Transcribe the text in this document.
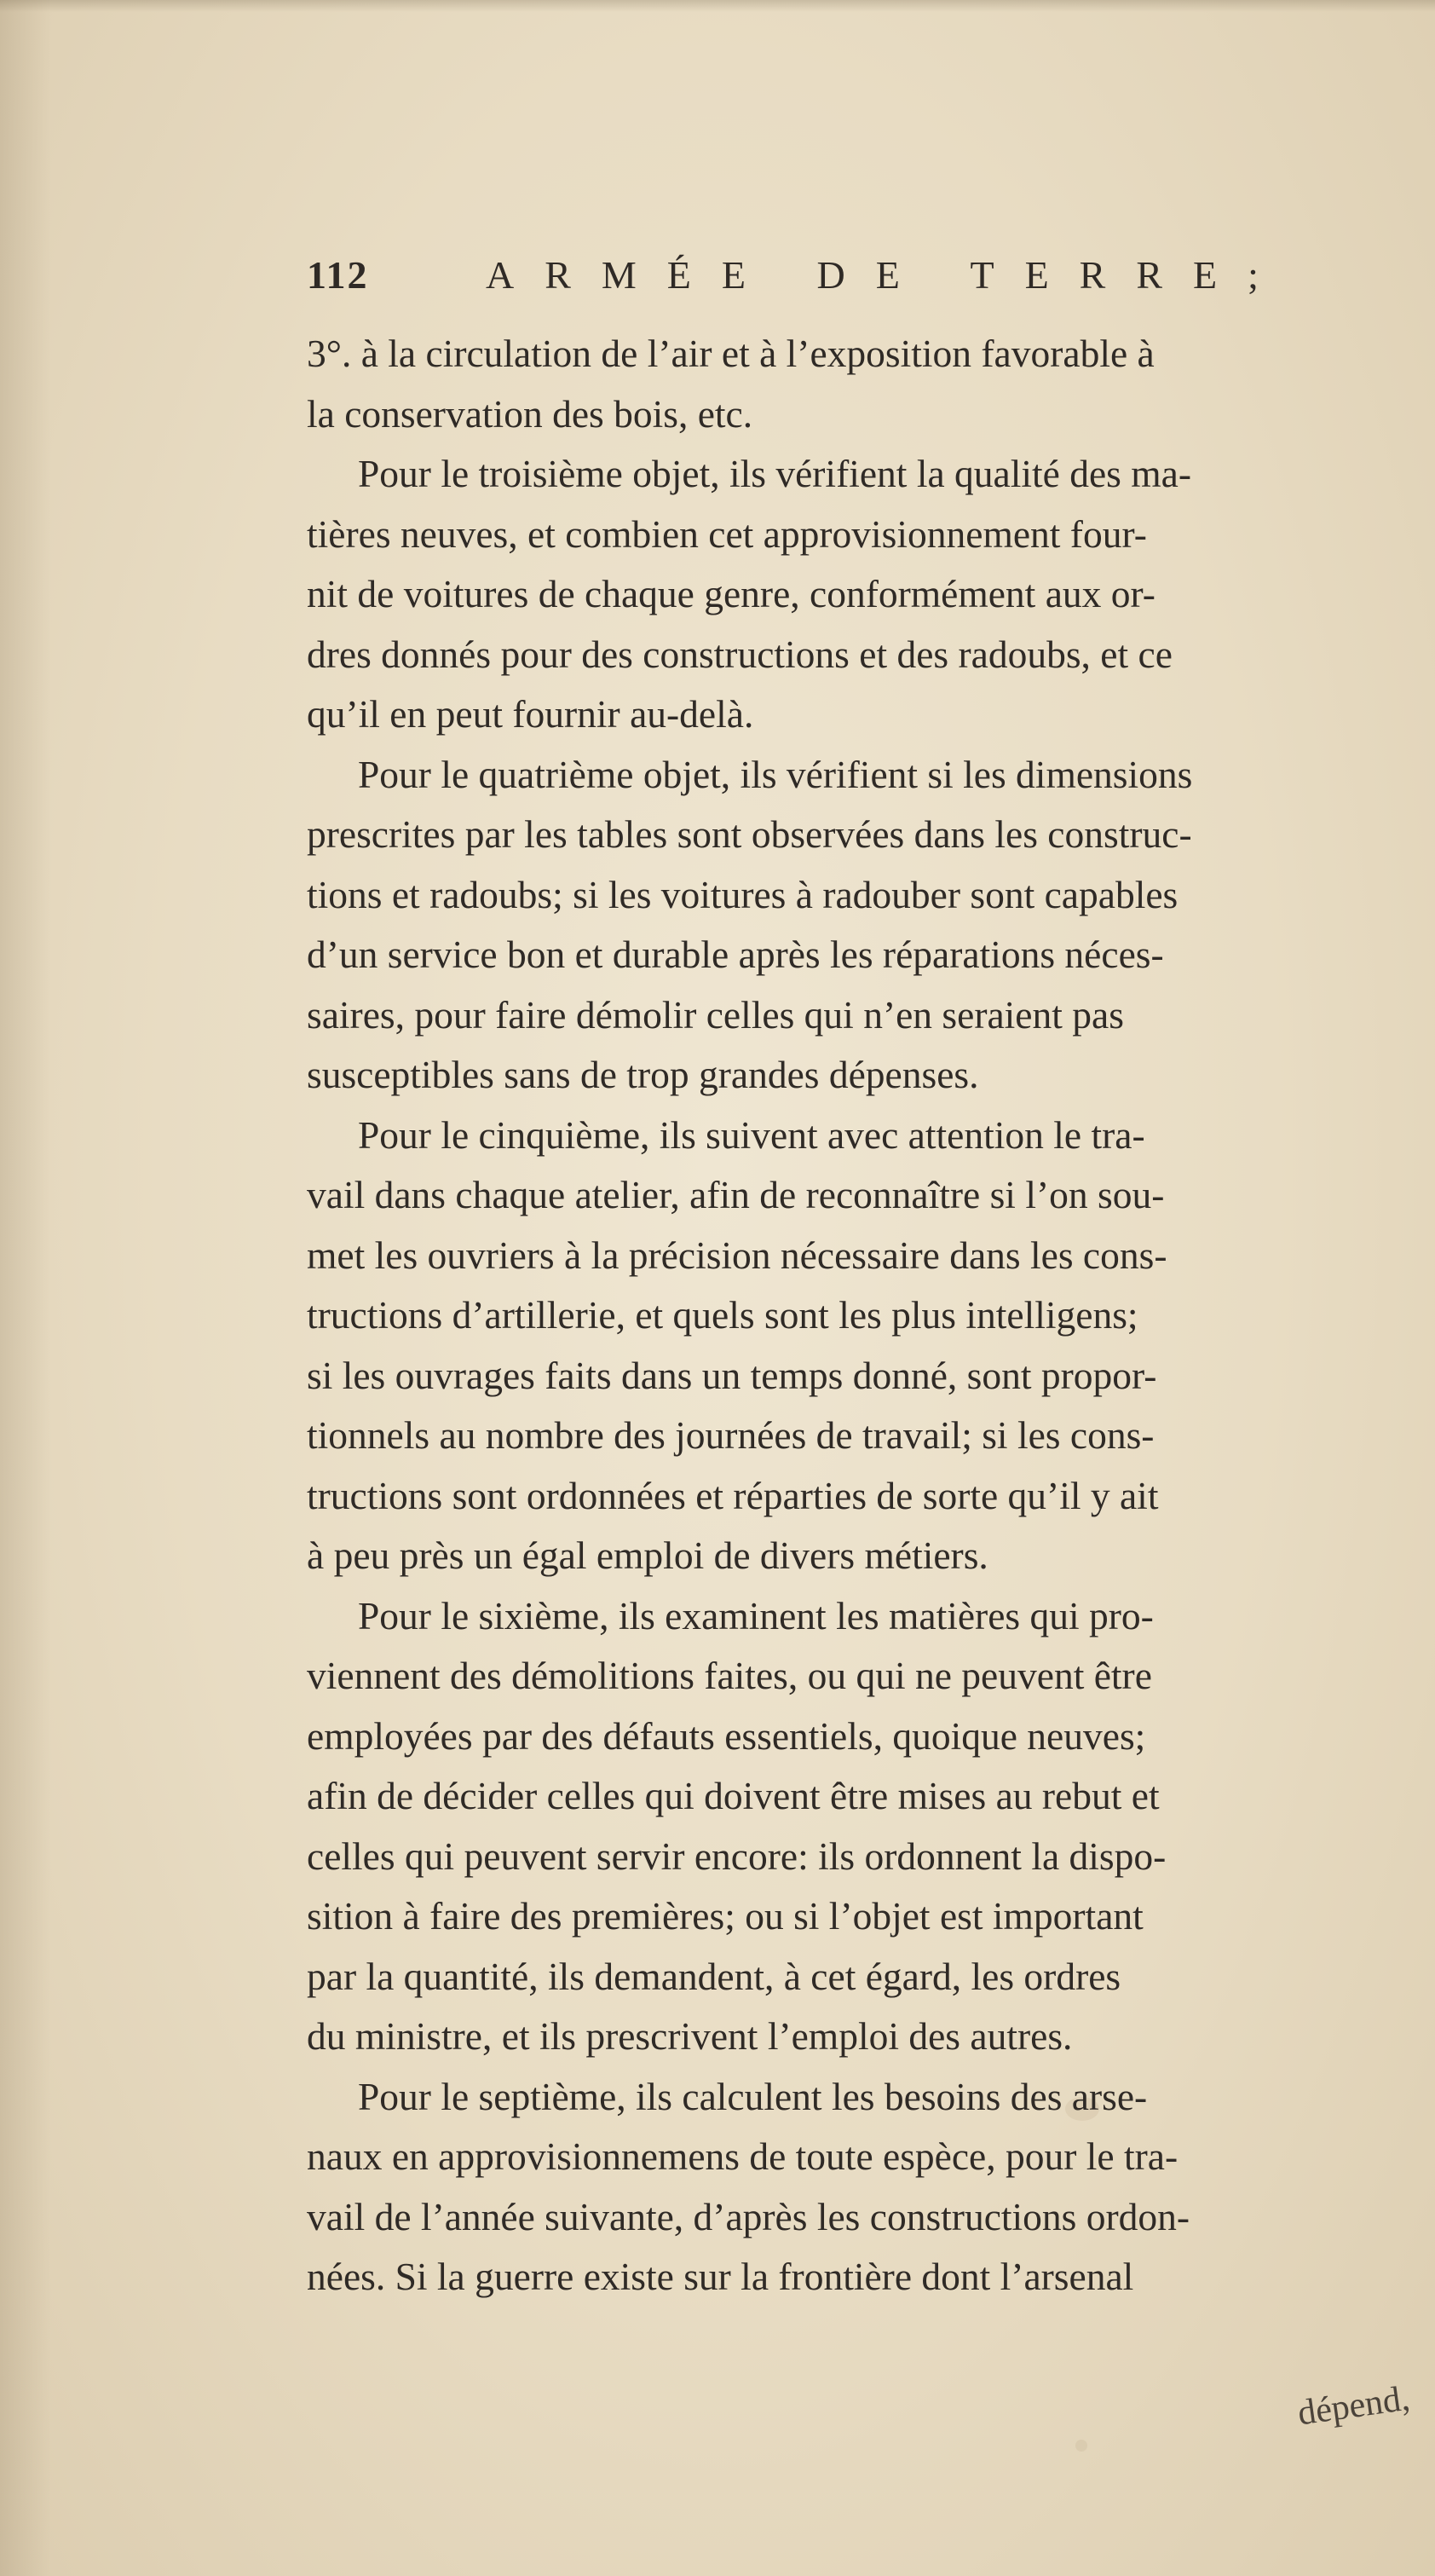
112	ARMÉE DE TERRE;
3°. à la circulation de l’air et à l’exposition favorable à
la conservation des bois, etc.
Pour le troisième objet, ils vérifient la qualité des ma-
tières neuves, et combien cet approvisionnement four-
nit de voitures de chaque genre, conformément aux or-
dres donnés pour des constructions et des radoubs, et ce
qu’il en peut fournir au-delà.
Pour le quatrième objet, ils vérifient si les dimensions
prescrites par les tables sont observées dans les construc-
tions et radoubs; si les voitures à radouber sont capables
d’un service bon et durable après les réparations néces-
saires, pour faire démolir celles qui n’en seraient pas
susceptibles sans de trop grandes dépenses.
Pour le cinquième, ils suivent avec attention le tra-
vail dans chaque atelier, afin de reconnaître si l’on sou-
met les ouvriers à la précision nécessaire dans les cons-
tructions d’artillerie, et quels sont les plus intelligens;
si les ouvrages faits dans un temps donné, sont propor-
tionnels au nombre des journées de travail; si les cons-
tructions sont ordonnées et réparties de sorte qu’il y ait
à peu près un égal emploi de divers métiers.
Pour le sixième, ils examinent les matières qui pro-
viennent des démolitions faites, ou qui ne peuvent être
employées par des défauts essentiels, quoique neuves;
afin de décider celles qui doivent être mises au rebut et
celles qui peuvent servir encore: ils ordonnent la dispo-
sition à faire des premières; ou si l’objet est important
par la quantité, ils demandent, à cet égard, les ordres
du ministre, et ils prescrivent l’emploi des autres.
Pour le septième, ils calculent les besoins des arse-
naux en approvisionnemens de toute espèce, pour le tra-
vail de l’année suivante, d’après les constructions ordon-
nées. Si la guerre existe sur la frontière dont l’arsenal
dépend,
